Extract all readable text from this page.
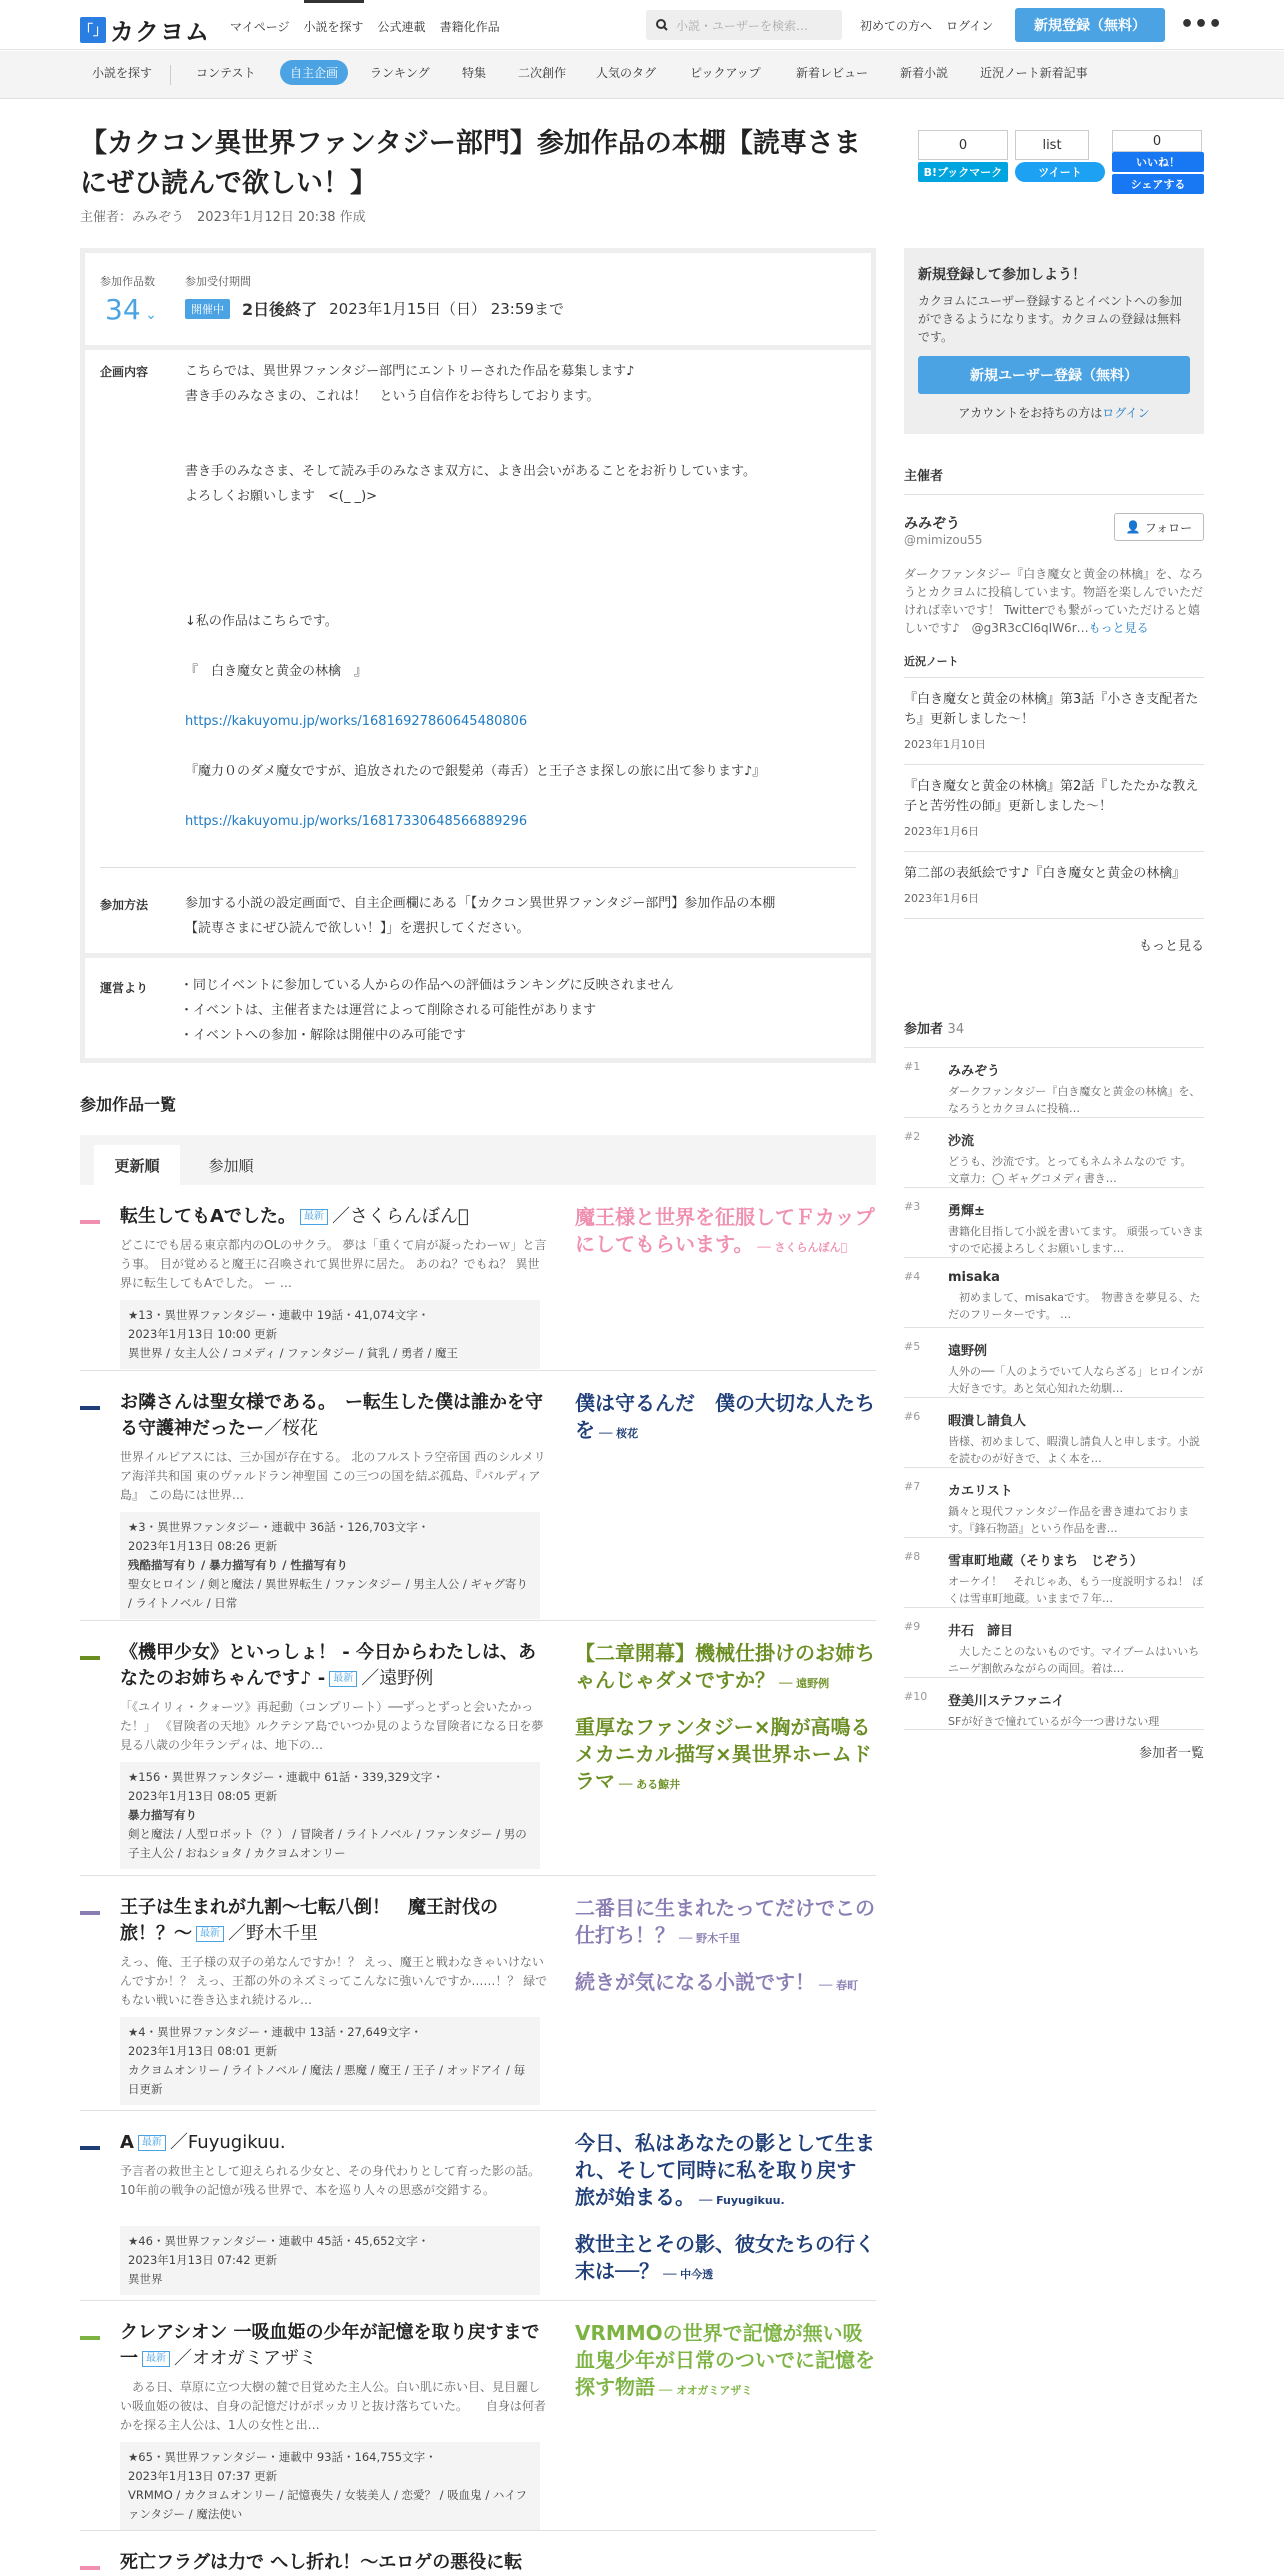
「」 カクヨム マイページ 小説を探す 公式連載 書籍化作品	小説・ユーザーを検索…	初めての方へ ログイン	新規登録（無料）	•••
小説を探す	コンテスト	自主企画	ランキング	特集	二次創作 人気のタグ	ピックアップ	新着レビュー	新着小説	近況ノート新着記事
【カクコン異世界ファンタジー部門】参加作品の本棚【読専さまにぜひ読んで欲しい！】
主催者：みみぞう　 2023年1月12日 20:38 作成
0
B!ブックマーク
list
ツイート
0
いいね！
シェアする
参加作品数
34 ⌄
参加受付期間
開催中	2日後終了 2023年1月15日（日） 23:59まで
企画内容	こちらでは、異世界ファンタジー部門にエントリーされた作品を募集します♪
書き手のみなさまの、これは！　という自信作をお待ちしております。
書き手のみなさま、そして読み手のみなさま双方に、よき出会いがあることをお祈りしています。
よろしくお願いします　<(_ _)>
↓私の作品はこちらです。
『　白き魔女と黄金の林檎　』
https://kakuyomu.jp/works/16816927860645480806
『魔力０のダメ魔女ですが、追放されたので銀髪弟（毒舌）と王子さま探しの旅に出て参ります♪』
https://kakuyomu.jp/works/16817330648566889296
参加方法	参加する小説の設定画面で、自主企画欄にある「【カクコン異世界ファンタジー部門】参加作品の本棚
【読専さまにぜひ読んで欲しい！】」を選択してください。
運営より ・同じイベントに参加している人からの作品への評価はランキングに反映されません
・イベントは、主催者または運営によって削除される可能性があります
・イベントへの参加・解除は開催中のみ可能です
参加作品一覧
更新順	参加順
転生してもAでした。 最新 ／さくらんぼん
どこにでも居る東京都内のOLのサクラ。 夢は「重くて肩が凝ったわーｗ」と言う事。 目が覚めると魔王に召喚されて異世界に居た。 あのね？でもね？ 異世界に転生してもAでした。 ー …
★13・異世界ファンタジー・連載中 19話・41,074文字・
2023年1月13日 10:00 更新
異世界 / 女主人公 / コメディ / ファンタジー / 貧乳 / 勇者 / 魔王
魔王様と世界を征服してＦカップにしてもらいます。 ── さくらんぼん
お隣さんは聖女様である。　ー転生した僕は誰かを守る守護神だったー／桜花
世界イルピアスには、三か国が存在する。 北のフルストラ空帝国 西のシルメリア海洋共和国 東のヴァルドラン神聖国 この三つの国を結ぶ孤島、『バルディア島』 この島には世界…
★3・異世界ファンタジー・連載中 36話・126,703文字・
2023年1月13日 08:26 更新
残酷描写有り / 暴力描写有り / 性描写有り
聖女ヒロイン / 剣と魔法 / 異世界転生 / ファンタジー / 男主人公 / ギャグ寄り / ライトノベル / 日常
僕は守るんだ　僕の大切な人たちを ── 桜花
《機甲少女》といっしょ！ - 今日からわたしは、あなたのお姉ちゃんです♪ - 最新 ／遠野例
「《ユイリィ・クォーツ》再起動（コンプリート）──ずっとずっと会いたかった！」 《冒険者の天地》ルクテシア島でいつか見のような冒険者になる日を夢見る八歳の少年ランディは、地下の…
★156・異世界ファンタジー・連載中 61話・339,329文字・
2023年1月13日 08:05 更新
暴力描写有り
剣と魔法 / 人型ロボット（？） / 冒険者 / ライトノベル / ファンタジー / 男の子主人公 / おねショタ / カクヨムオンリー
【二章開幕】機械仕掛けのお姉ちゃんじゃダメですか？ ── 遠野例
重厚なファンタジー×胸が高鳴るメカニカル描写×異世界ホームドラマ ── ある鯨井
王子は生まれが九割〜七転八倒！　魔王討伐の旅！？〜 最新 ／野木千里
えっ、俺、王子様の双子の弟なんですか！？ えっ、魔王と戦わなきゃいけないんですか！？ えっ、王都の外のネズミってこんなに強いんですか……！？ 緑でもない戦いに巻き込まれ続けるル…
★4・異世界ファンタジー・連載中 13話・27,649文字・
2023年1月13日 08:01 更新
カクヨムオンリー / ライトノベル / 魔法 / 悪魔 / 魔王 / 王子 / オッドアイ / 毎日更新
二番目に生まれたってだけでこの仕打ち！？ ── 野木千里
続きが気になる小説です！ ── 春町
A 最新 ／Fuyugikuu.
予言者の救世主として迎えられる少女と、その身代わりとして育った影の話。 10年前の戦争の記憶が残る世界で、本を巡り人々の思惑が交錯する。
★46・異世界ファンタジー・連載中 45話・45,652文字・
2023年1月13日 07:42 更新
異世界
今日、私はあなたの影として生まれ、そして同時に私を取り戻す旅が始まる。 ── Fuyugikuu.
救世主とその影、彼女たちの行く末は──？ ── 中今透
クレアシオン 一吸血姫の少年が記憶を取り戻すまで一 最新 ／オオガミアザミ
　ある日、草原に立つ大樹の麓で目覚めた主人公。白い肌に赤い目、見目麗しい吸血姫の彼は、自身の記憶だけがポッカリと抜け落ちていた。　　自身は何者かを探る主人公は、1人の女性と出…
★65・異世界ファンタジー・連載中 93話・164,755文字・
2023年1月13日 07:37 更新
VRMMO / カクヨムオンリー / 記憶喪失 / 女装美人 / 恋愛？ / 吸血鬼 / ハイファンタジー / 魔法使い
VRMMOの世界で記憶が無い吸血鬼少年が日常のついでに記憶を探す物語 ── オオガミアザミ
死亡フラグは力で へし折れ！～エロゲの悪役に転
新規登録して参加しよう！
カクヨムにユーザー登録するとイベントへの参加ができるようになります。カクヨムの登録は無料です。
新規ユーザー登録（無料）
アカウントをお持ちの方はログイン
主催者
みみぞう
@mimizou55
👤 フォロー
ダークファンタジー『白き魔女と黄金の林檎』を、なろうとカクヨムに投稿しています。物語を楽しんでいただければ幸いです！ Twitterでも繋がっていただけると嬉しいです♪　@g3R3cCI6qIW6r…もっと見る
近況ノート
『白き魔女と黄金の林檎』第3話『小さき支配者たち』更新しました～！
2023年1月10日
『白き魔女と黄金の林檎』第2話『したたかな教え子と苦労性の師』更新しました～！
2023年1月6日
第二部の表紙絵です♪『白き魔女と黄金の林檎』
2023年1月6日
もっと見る
参加者 34
#1 みみぞう
ダークファンタジー『白き魔女と黄金の林檎』を、なろうとカクヨムに投稿…
#2 沙流
どうも、沙流です。とってもネムネムなので す。 文章力：◯ ギャグコメディ書き…
#3 勇輝±
書籍化目指して小説を書いてます。 頑張っていきますので応援よろしくお願いします…
#4 misaka
　初めまして、misakaです。　物書きを夢見る、ただのフリーターです。 …
#5 遠野例
人外の──「人のようでいて人ならざる」ヒロインが大好きです。あと気心知れた幼馴…
#6 暇潰し請負人
皆様、初めまして、暇潰し請負人と申します。小説を読むのが好きで、よく本を…
#7 カエリスト
鍋々と現代ファンタジー作品を書き連ねております。『鋒石物語』という作品を書…
#8 雪車町地蔵（そりまち　じぞう）
オーケイ！　それじゃあ、もう一度説明するね！ ぼくは雪車町地蔵。いままで７年…
#9 井石　諦目
　大したことのないものです。マイブームはいいちニーゲ割飲みながらの両回。着は…
#10 登美川ステファニイ
SFが好きで憧れているが今一つ書けない理
参加者一覧
